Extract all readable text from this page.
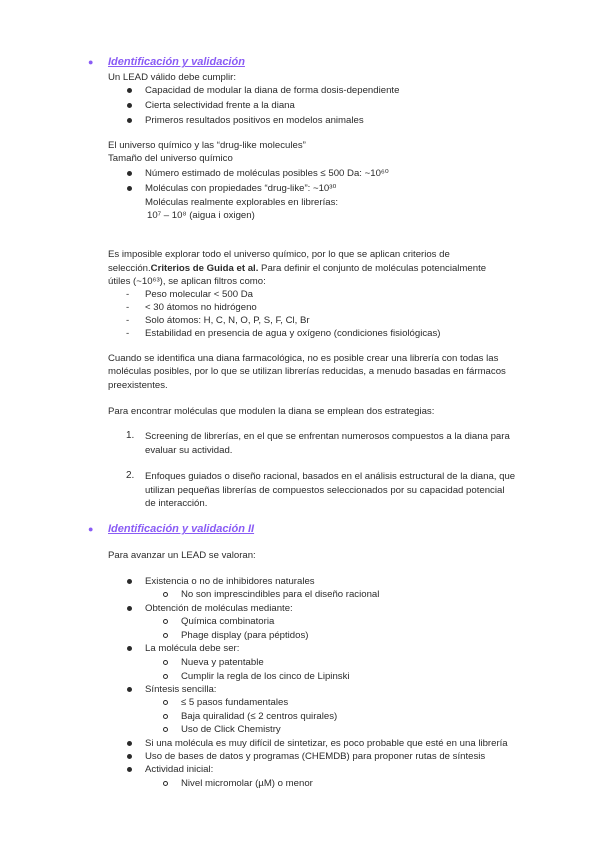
● Identificación y validación
Un LEAD válido debe cumplir:
Capacidad de modular la diana de forma dosis-dependiente
Cierta selectividad frente a la diana
Primeros resultados positivos en modelos animales
El universo químico y las “drug-like molecules”
Tamaño del universo químico
Número estimado de moléculas posibles ≤ 500 Da: ~10⁶⁰
Moléculas con propiedades “drug-like”: ~10³⁰
Moléculas realmente explorables en librerías:
10⁷ – 10⁸ (aigua i oxigen)
Es imposible explorar todo el universo químico, por lo que se aplican criterios de
selección.Criterios de Guida et al. Para definir el conjunto de moléculas potencialmente
útiles (~10⁶³), se aplican filtros como:
- Peso molecular < 500 Da
- < 30 átomos no hidrógeno
- Solo átomos: H, C, N, O, P, S, F, Cl, Br
- Estabilidad en presencia de agua y oxígeno (condiciones fisiológicas)
Cuando se identifica una diana farmacológica, no es posible crear una librería con todas las
moléculas posibles, por lo que se utilizan librerías reducidas, a menudo basadas en fármacos
preexistentes.
Para encontrar moléculas que modulen la diana se emplean dos estrategias:
1. Screening de librerías, en el que se enfrentan numerosos compuestos a la diana para
evaluar su actividad.
2. Enfoques guiados o diseño racional, basados en el análisis estructural de la diana, que
utilizan pequeñas librerías de compuestos seleccionados por su capacidad potencial
de interacción.
● Identificación y validación II
Para avanzar un LEAD se valoran:
Existencia o no de inhibidores naturales
No son imprescindibles para el diseño racional
Obtención de moléculas mediante:
Química combinatoria
Phage display (para péptidos)
La molécula debe ser:
Nueva y patentable
Cumplir la regla de los cinco de Lipinski
Síntesis sencilla:
≤ 5 pasos fundamentales
Baja quiralidad (≤ 2 centros quirales)
Uso de Click Chemistry
Si una molécula es muy difícil de sintetizar, es poco probable que esté en una librería
Uso de bases de datos y programas (CHEMDB) para proponer rutas de síntesis
Actividad inicial:
Nivel micromolar (µM) o menor
